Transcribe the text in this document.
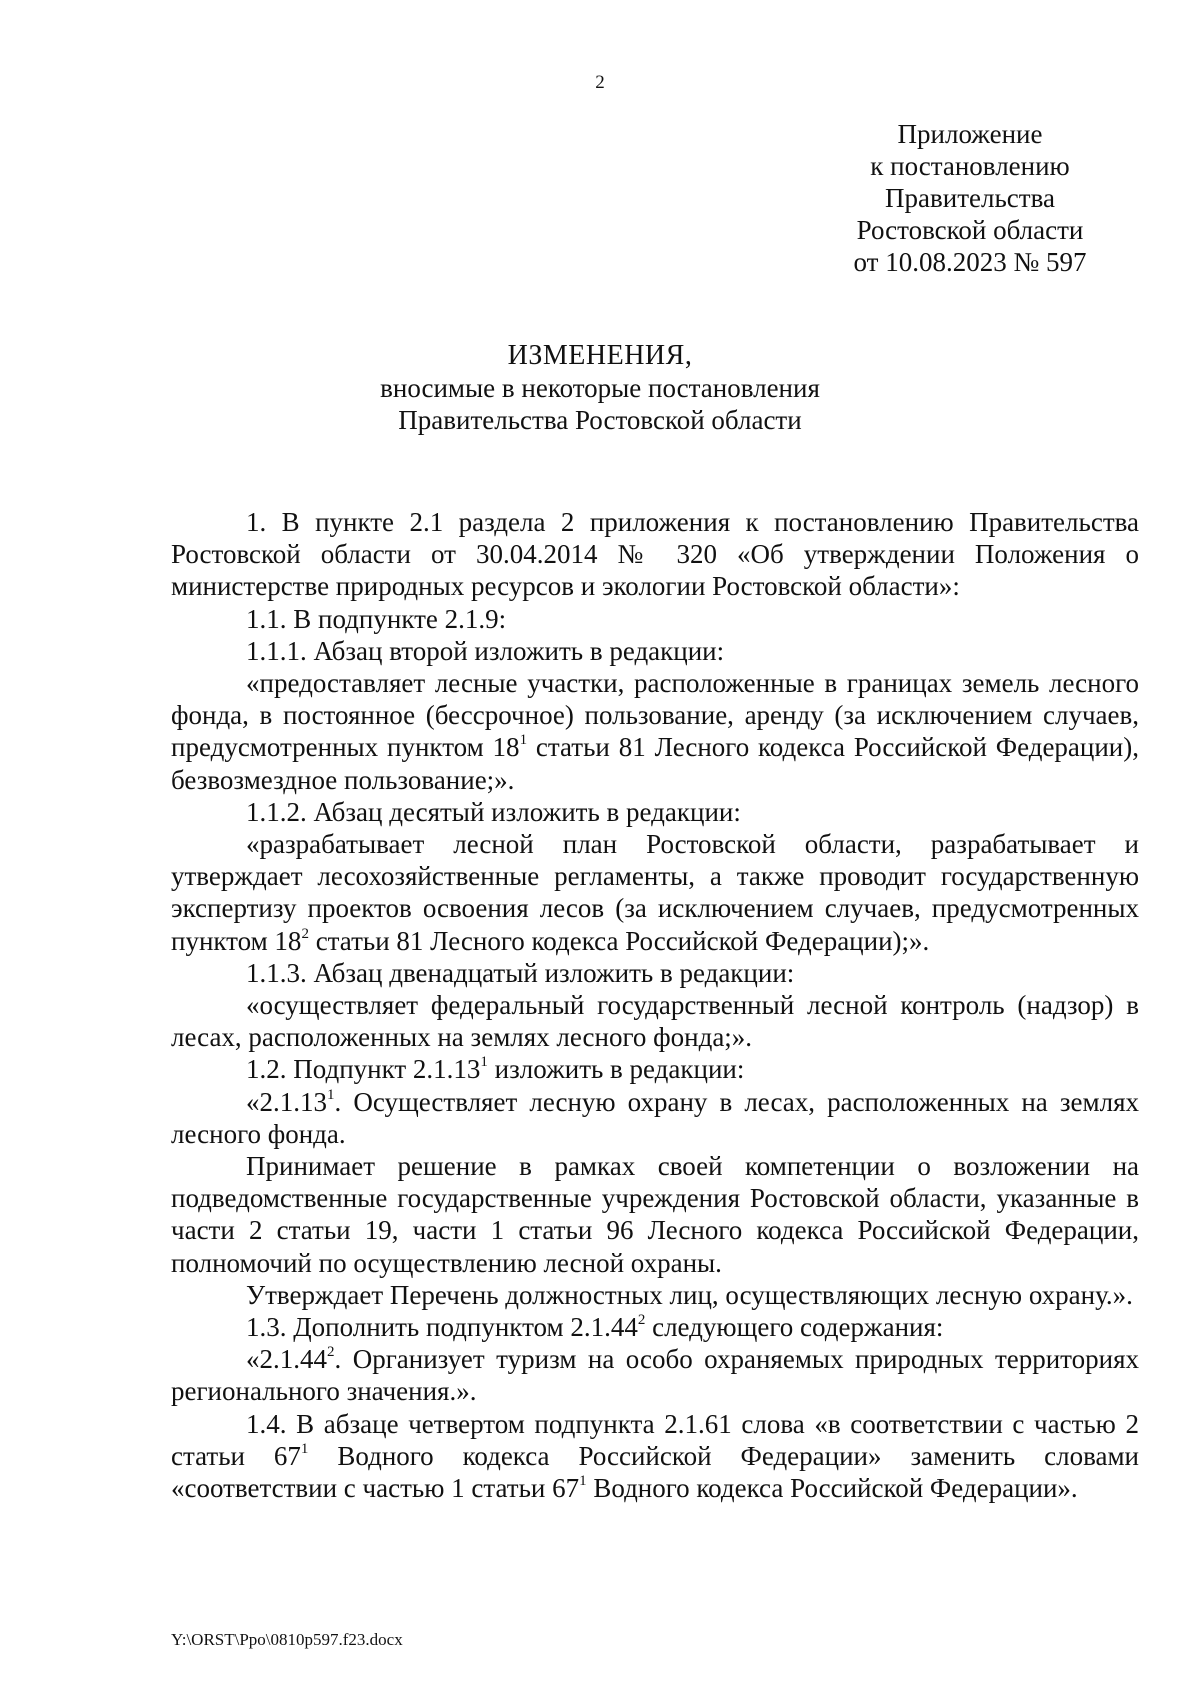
2
Приложение
к постановлению
Правительства
Ростовской области
от 10.08.2023 № 597
ИЗМЕНЕНИЯ,
вносимые в некоторые постановления
Правительства Ростовской области

1. В пункте 2.1 раздела 2 приложения к постановлению Правительства Ростовской области от 30.04.2014 № 320 «Об утверждении Положения о министерстве природных ресурсов и экологии Ростовской области»:

1.1. В подпункте 2.1.9:

1.1.1. Абзац второй изложить в редакции:

«предоставляет лесные участки, расположенные в границах земель лесного фонда, в постоянное (бессрочное) пользование, аренду (за исключением случаев, предусмотренных пунктом $18^1$ статьи 81 Лесного кодекса Российской Федерации), безвозмездное пользование;».

1.1.2. Абзац десятый изложить в редакции:

«разрабатывает лесной план Ростовской области, разрабатывает и утверждает лесохозяйственные регламенты, а также проводит государственную экспертизу проектов освоения лесов (за исключением случаев, предусмотренных пунктом $18^2$ статьи 81 Лесного кодекса Российской Федерации);».

1.1.3. Абзац двенадцатый изложить в редакции:

«осуществляет федеральный государственный лесной контроль (надзор) в лесах, расположенных на землях лесного фонда;».

1.2. Подпункт 2.1.13$^1$ изложить в редакции:

«2.1.13$^1$. Осуществляет лесную охрану в лесах, расположенных на землях лесного фонда.

Принимает решение в рамках своей компетенции о возложении на подведомственные государственные учреждения Ростовской области, указанные в части 2 статьи 19, части 1 статьи 96 Лесного кодекса Российской Федерации, полномочий по осуществлению лесной охраны.

Утверждает Перечень должностных лиц, осуществляющих лесную охрану.».

1.3. Дополнить подпунктом 2.1.44$^2$ следующего содержания:

«2.1.44$^2$. Организует туризм на особо охраняемых природных территориях регионального значения.».

1.4. В абзаце четвертом подпункта 2.1.61 слова «в соответствии с частью 2 статьи $67^1$ Водного кодекса Российской Федерации» заменить словами «соответствии с частью 1 статьи $67^1$ Водного кодекса Российской Федерации».

Y:\ORST\Ppo\0810p597.f23.docx
